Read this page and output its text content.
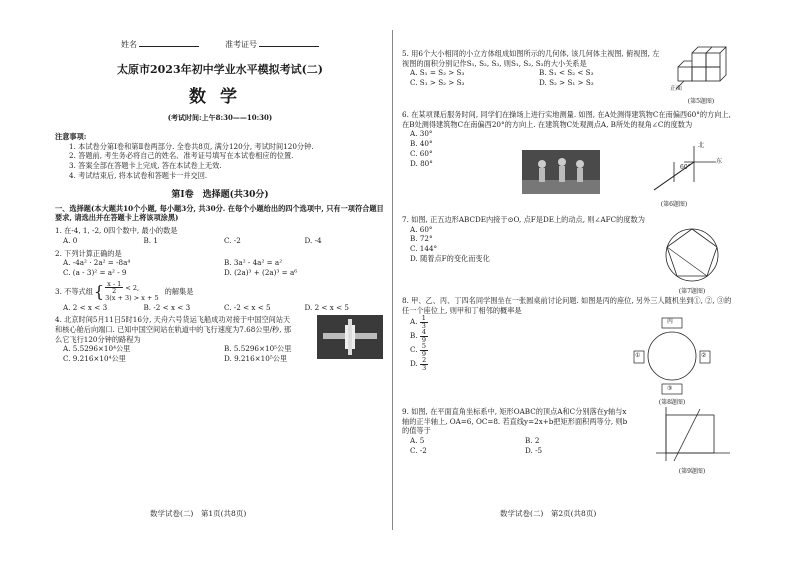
姓名	准考证号
太原市2023年初中学业水平模拟考试(二)
数学
(考试时间:上午8:30——10:30)
注意事项:
1. 本试卷分第Ⅰ卷和第Ⅱ卷两部分. 全卷共8页, 满分120分, 考试时间120分钟.
2. 答题前, 考生务必将自己的姓名、准考证号填写在本试卷相应的位置.
3. 答案全部在答题卡上完成, 答在本试卷上无效.
4. 考试结束后, 将本试卷和答题卡一并交回.
第Ⅰ卷　选择题(共30分)
一、选择题(本大题共10个小题, 每小题3分, 共30分. 在每个小题给出的四个选项中, 只有一项符合题目要求, 请选出并在答题卡上将该项涂黑)
1. 在-4, 1, -2, 0四个数中, 最小的数是
A. 0	B. 1	C. -2	D. -4
2. 下列计算正确的是
A. -4a² · 2a² = -8a⁴	B. 3a² - 4a² = a²
C. (a - 3)² = a² - 9	D. (2a)³ + (2a)³ = a⁶
3. 不等式组 { $\frac{x - 1}{2} < 2$,
3(x + 3) > x + 5
的解集是
A. 2 < x < 3	B. -2 < x < 3	C. -2 < x < 5	D. 2 < x < 5
4. 北京时间5月11日5时16分, 天舟六号货运飞船成功对接于中国空间站天和核心舱后向端口. 已知中国空间站在轨道中的飞行速度为7.68公里/秒, 那么它飞行120分钟的路程为
A. 5.5296×10⁴公里	B. 5.5296×10⁵公里
C. 9.216×10⁴公里	D. 9.216×10⁵公里
数学试卷(二)　第1页(共8页)
5. 用6个大小相同的小立方体组成如图所示的几何体, 该几何体主视图, 俯视图, 左视图的面积分别记作S₁, S₂, S₃, 则S₁, S₂, S₃的大小关系是
A. S₁ = S₂ > S₃	B. S₁ < S₂ < S₃
C. S₁ > S₂ > S₃	D. S₂ > S₁ > S₃
正面
(第5题图)
6. 在某项课后服务时间, 同学们在操场上进行实地测量. 如图, 在A处测得建筑物C在南偏西60°的方向上, 在B处测得建筑物C在南偏西20°的方向上. 在建筑物C处观测点A, B所处的视角∠C的度数为
A. 30°
B. 40°
C. 60°
D. 80°
北
东
60°
(第6题图)
7. 如图, 正五边形ABCDE内接于⊙O, 点F是DE上的动点, 则∠AFC的度数为
A. 60°
B. 72°
C. 144°
D. 随着点F的变化而变化
(第7题图)
8. 甲、乙、丙、丁四名同学围坐在一张圆桌前讨论问题. 如图是丙的座位, 另外三人随机坐到①, ②, ③的任一个座位上, 则甲和丁相邻的概率是
A. $\frac{1}{3}$
B. $\frac{4}{9}$
C. $\frac{5}{9}$
D. $\frac{2}{3}$
丙
①	②
③
(第8题图)
9. 如图, 在平面直角坐标系中, 矩形OABC的顶点A和C分别落在y轴与x轴的正半轴上, OA=6, OC=8. 若直线y=2x+b把矩形面积两等分, 则b的值等于
A. 5	B. 2
C. -2	D. -5
(第9题图)
数学试卷(二)　第2页(共8页)
